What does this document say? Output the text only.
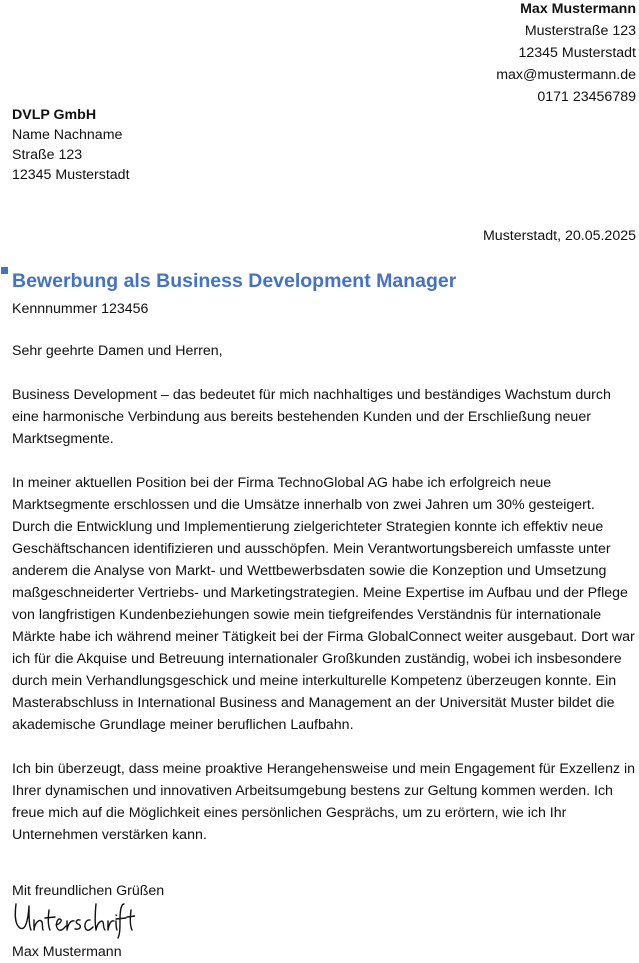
Max Mustermann
Musterstraße 123
12345 Musterstadt
max@mustermann.de
0171 23456789
DVLP GmbH
Name Nachname
Straße 123
12345 Musterstadt
Musterstadt, 20.05.2025
Bewerbung als Business Development Manager
Kennnummer 123456

Sehr geehrte Damen und Herren,

Business Development – das bedeutet für mich nachhaltiges und beständiges Wachstum durch eine harmonische Verbindung aus bereits bestehenden Kunden und der Erschließung neuer Marktsegmente.

In meiner aktuellen Position bei der Firma TechnoGlobal AG habe ich erfolgreich neue Marktsegmente erschlossen und die Umsätze innerhalb von zwei Jahren um 30% gesteigert. Durch die Entwicklung und Implementierung zielgerichteter Strategien konnte ich effektiv neue Geschäftschancen identifizieren und ausschöpfen. Mein Verantwortungsbereich umfasste unter anderem die Analyse von Markt- und Wettbewerbsdaten sowie die Konzeption und Umsetzung maßgeschneiderter Vertriebs- und Marketingstrategien. Meine Expertise im Aufbau und der Pflege von langfristigen Kundenbeziehungen sowie mein tiefgreifendes Verständnis für internationale Märkte habe ich während meiner Tätigkeit bei der Firma GlobalConnect weiter ausgebaut. Dort war ich für die Akquise und Betreuung internationaler Großkunden zuständig, wobei ich insbesondere durch mein Verhandlungsgeschick und meine interkulturelle Kompetenz überzeugen konnte. Ein Masterabschluss in International Business and Management an der Universität Muster bildet die akademische Grundlage meiner beruflichen Laufbahn.

Ich bin überzeugt, dass meine proaktive Herangehensweise und mein Engagement für Exzellenz in Ihrer dynamischen und innovativen Arbeitsumgebung bestens zur Geltung kommen werden. Ich freue mich auf die Möglichkeit eines persönlichen Gesprächs, um zu erörtern, wie ich Ihr Unternehmen verstärken kann.

Mit freundlichen Grüßen
Max Mustermann
